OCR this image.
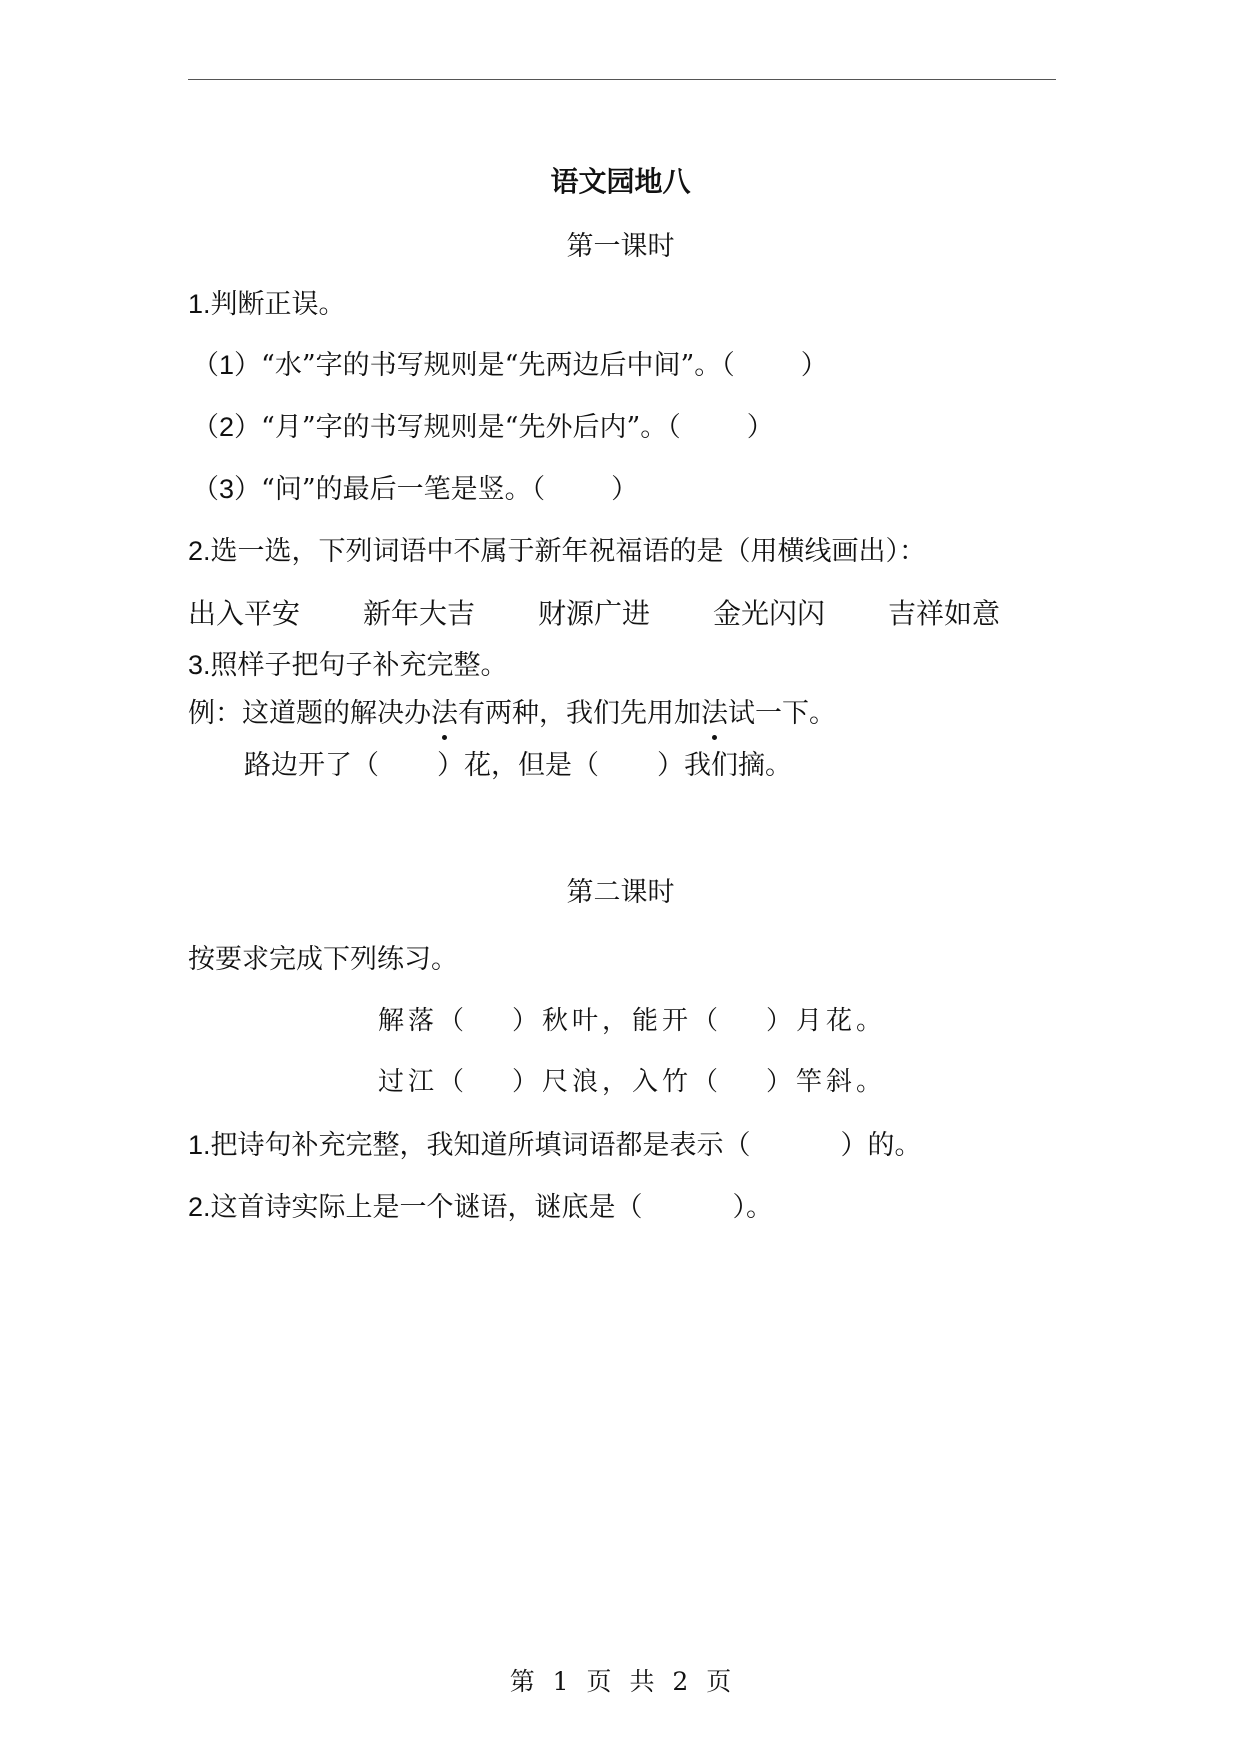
语文园地八
第一课时
1.判断正误。
（1）“水”字的书写规则是“先两边后中间”。（ ）
（2）“月”字的书写规则是“先外后内”。（ ）
（3）“问”的最后一笔是竖。（ ）
2.选一选，下列词语中不属于新年祝福语的是（用横线画出）：

出入平安

新年大吉

财源广进

金光闪闪

吉祥如意

3.照样子把句子补充完整。
例：这道题的解决办法有两种，我们先用加法试一下。
路边开了（ ）花，但是（ ）我们摘。
第二课时
按要求完成下列练习。
解落（ ）秋叶，能开（ ）月花。
过江（ ）尺浪，入竹（ ）竿斜。
1.把诗句补充完整，我知道所填词语都是表示（	）的。
2.这首诗实际上是一个谜语，谜底是（	）。
第 1 页 共 2 页
